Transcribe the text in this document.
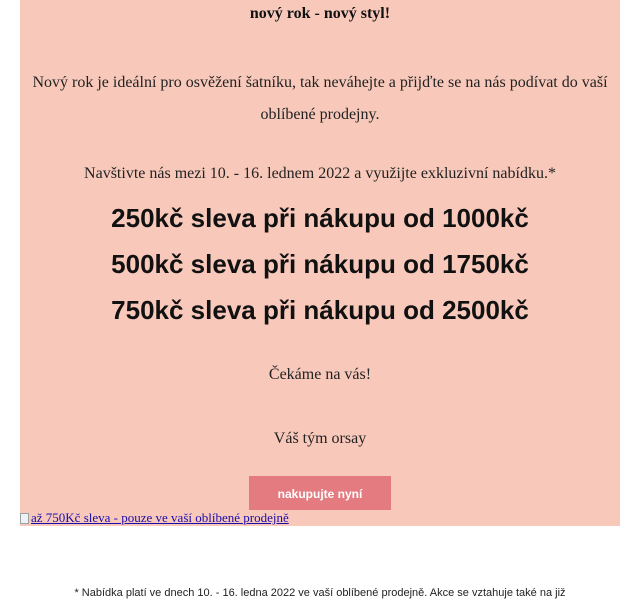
nový rok - nový styl!
Nový rok je ideální pro osvěžení šatníku, tak neváhejte a přijďte se na nás podívat do vaší oblíbené prodejny.
Navštivte nás mezi 10. - 16. lednem 2022 a využijte exkluzivní nabídku.*
250kč sleva při nákupu od 1000kč
500kč sleva při nákupu od 1750kč
750kč sleva při nákupu od 2500kč
Čekáme na vás!
Váš tým orsay
nakupujte nyní
až 750Kč sleva - pouze ve vaší oblíbené prodejně
* Nabídka platí ve dnech 10. - 16. ledna 2022 ve vaší oblíbené prodejně. Akce se vztahuje také na již
